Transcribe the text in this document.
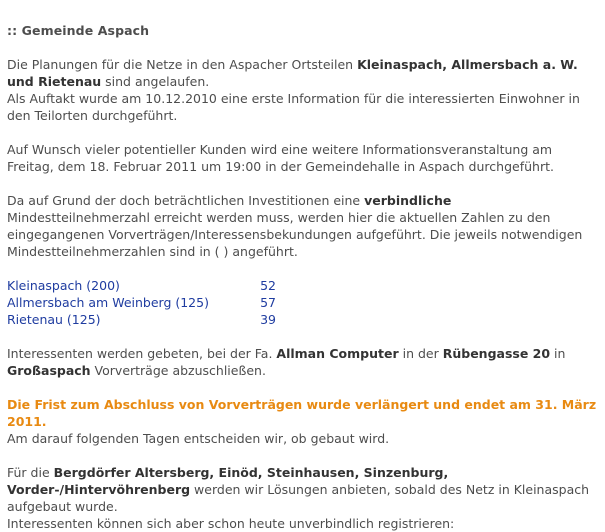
:: Gemeinde Aspach

Die Planungen für die Netze in den Aspacher Ortsteilen Kleinaspach, Allmersbach a. W. und Rietenau sind angelaufen.
Als Auftakt wurde am 10.12.2010 eine erste Information für die interessierten Einwohner in den Teilorten durchgeführt.

Auf Wunsch vieler potentieller Kunden wird eine weitere Informationsveranstaltung am Freitag, dem 18. Februar 2011 um 19:00 in der Gemeindehalle in Aspach durchgeführt.

Da auf Grund der doch beträchtlichen Investitionen eine verbindliche Mindestteilnehmerzahl erreicht werden muss, werden hier die aktuellen Zahlen zu den eingegangenen Vorverträgen/Interessensbekundungen aufgeführt. Die jeweils notwendigen Mindestteilnehmerzahlen sind in ( ) angeführt.

Kleinaspach (200)	52
Allmersbach am Weinberg (125)	57
Rietenau (125)	39

Interessenten werden gebeten, bei der Fa. Allman Computer in der Rübengasse 20 in Großaspach Vorverträge abzuschließen.

Die Frist zum Abschluss von Vorverträgen wurde verlängert und endet am 31. März 2011.
Am darauf folgenden Tagen entscheiden wir, ob gebaut wird.

Für die Bergdörfer Altersberg, Einöd, Steinhausen, Sinzenburg, Vorder-/Hintervöhrenberg werden wir Lösungen anbieten, sobald des Netz in Kleinaspach aufgebaut wurde.
Interessenten können sich aber schon heute unverbindlich registrieren:
